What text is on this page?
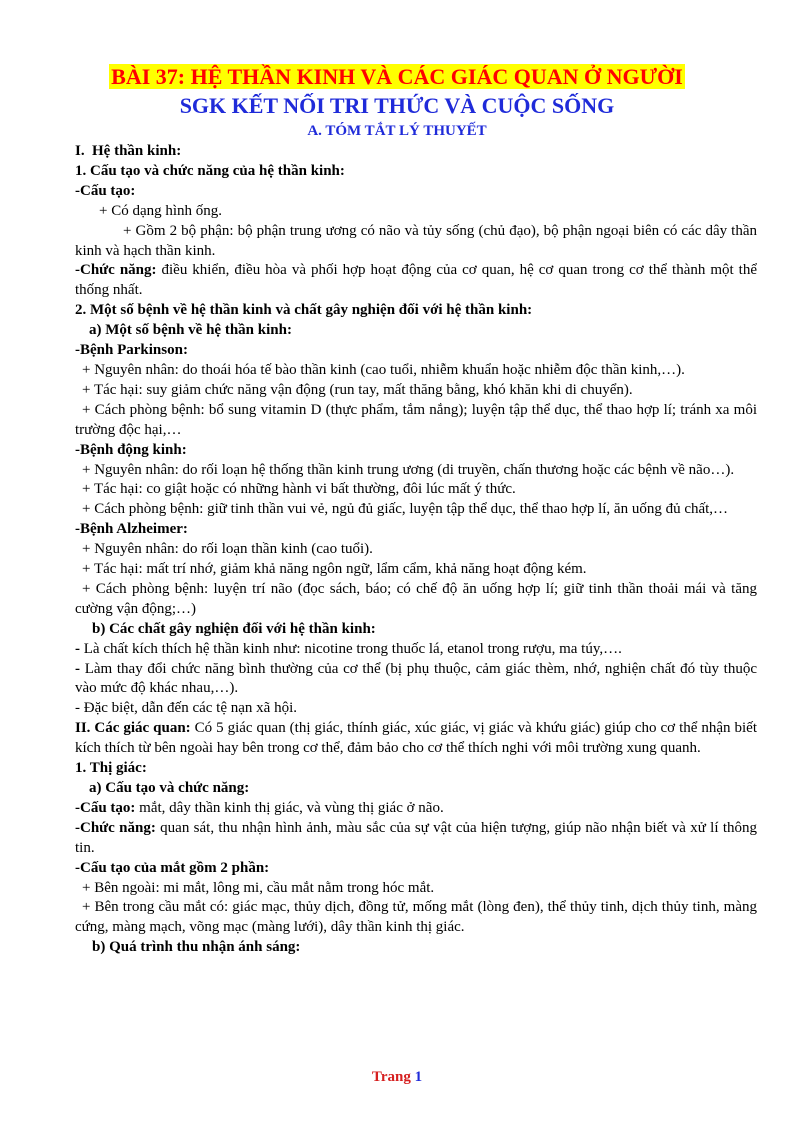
BÀI 37: HỆ THẦN KINH VÀ CÁC GIÁC QUAN Ở NGƯỜI
SGK KẾT NỐI TRI THỨC VÀ CUỘC SỐNG
A. TÓM TẮT LÝ THUYẾT

I. Hệ thần kinh:

1. Cấu tạo và chức năng của hệ thần kinh:

-Cấu tạo:

+ Có dạng hình ống.

+ Gồm 2 bộ phận: bộ phận trung ương có não và tủy sống (chủ đạo), bộ phận ngoại biên có các dây thần kinh và hạch thần kinh.

-Chức năng: điều khiển, điều hòa và phối hợp hoạt động của cơ quan, hệ cơ quan trong cơ thể thành một thể thống nhất.

2. Một số bệnh về hệ thần kinh và chất gây nghiện đối với hệ thần kinh:

a) Một số bệnh về hệ thần kinh:

-Bệnh Parkinson:

+ Nguyên nhân: do thoái hóa tế bào thần kinh (cao tuổi, nhiễm khuẩn hoặc nhiễm độc thần kinh,…).

+ Tác hại: suy giảm chức năng vận động (run tay, mất thăng bằng, khó khăn khi di chuyển).

+ Cách phòng bệnh: bổ sung vitamin D (thực phẩm, tắm nắng); luyện tập thể dục, thể thao hợp lí; tránh xa môi trường độc hại,…

-Bệnh động kinh:

+ Nguyên nhân: do rối loạn hệ thống thần kinh trung ương (di truyền, chấn thương hoặc các bệnh về não…).

+ Tác hại: co giật hoặc có những hành vi bất thường, đôi lúc mất ý thức.

+ Cách phòng bệnh: giữ tinh thần vui vẻ, ngủ đủ giấc, luyện tập thể dục, thể thao hợp lí, ăn uống đủ chất,…

-Bệnh Alzheimer:

+ Nguyên nhân: do rối loạn thần kinh (cao tuổi).

+ Tác hại: mất trí nhớ, giảm khả năng ngôn ngữ, lẩm cẩm, khả năng hoạt động kém.

+ Cách phòng bệnh: luyện trí não (đọc sách, báo; có chế độ ăn uống hợp lí; giữ tinh thần thoải mái và tăng cường vận động;…)

b) Các chất gây nghiện đối với hệ thần kinh:

- Là chất kích thích hệ thần kinh như: nicotine trong thuốc lá, etanol trong rượu, ma túy,….

- Làm thay đổi chức năng bình thường của cơ thể (bị phụ thuộc, cảm giác thèm, nhớ, nghiện chất đó tùy thuộc vào mức độ khác nhau,…).

- Đặc biệt, dẫn đến các tệ nạn xã hội.

II. Các giác quan: Có 5 giác quan (thị giác, thính giác, xúc giác, vị giác và khứu giác) giúp cho cơ thể nhận biết kích thích từ bên ngoài hay bên trong cơ thể, đảm bảo cho cơ thể thích nghi với môi trường xung quanh.

1. Thị giác:

a) Cấu tạo và chức năng:

-Cấu tạo: mắt, dây thần kinh thị giác, và vùng thị giác ở não.

-Chức năng: quan sát, thu nhận hình ảnh, màu sắc của sự vật của hiện tượng, giúp não nhận biết và xử lí thông tin.

-Cấu tạo của mắt gồm 2 phần:

+ Bên ngoài: mi mắt, lông mi, cầu mắt nằm trong hóc mắt.

+ Bên trong cầu mắt có: giác mạc, thủy dịch, đồng tử, mống mắt (lòng đen), thể thủy tinh, dịch thủy tinh, màng cứng, màng mạch, võng mạc (màng lưới), dây thần kinh thị giác.

b) Quá trình thu nhận ánh sáng:

Trang 1
